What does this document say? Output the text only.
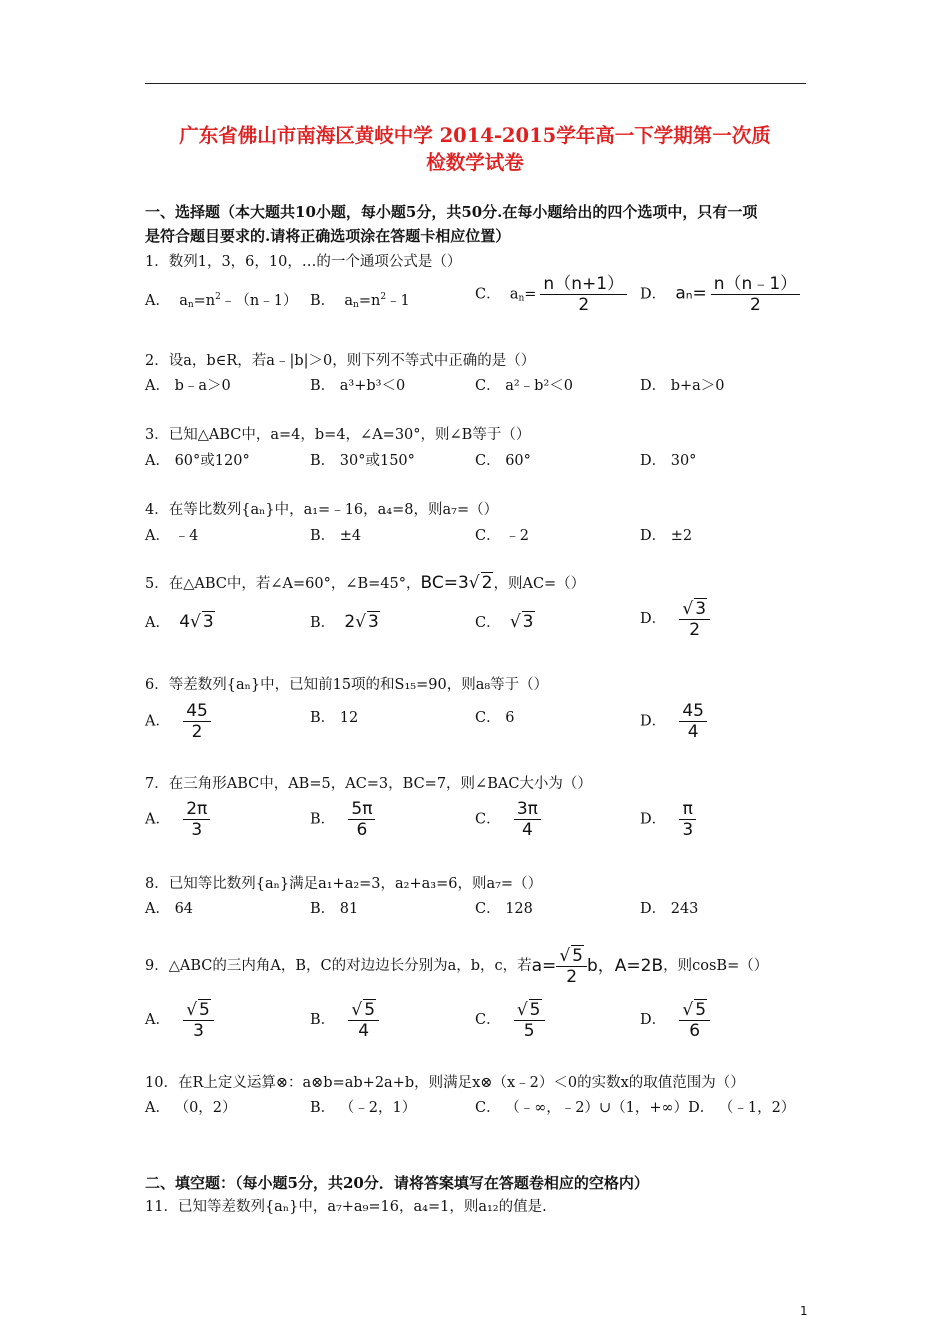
广东省佛山市南海区黄岐中学 2014-2015学年高一下学期第一次质
检数学试卷
一、选择题（本大题共10小题，每小题5分，共50分.在每小题给出的四个选项中，只有一项
是符合题目要求的.请将正确选项涂在答题卡相应位置）
1．数列1，3，6，10，…的一个通项公式是（）
A．  $a_n=n^2﹣(n﹣1)$ B．  $a_n=n^2﹣1$	C．  $a_n= \frac{n(n+1)}{2}$ D．  $a_n= \frac{n(n﹣1)}{2}$
2．设a，b∈R，若a﹣|b|＞0，则下列不等式中正确的是（）
A． b﹣a＞0	B． a³+b³＜0	C． a²﹣b²＜0	D． b+a＞0
3．已知△ABC中，a=4，b=4，∠A=30°，则∠B等于（）
A． 60°或120°	B． 30°或150°	C． 60°	D． 30°
4．在等比数列{aₙ}中，a₁=﹣16，a₄=8，则a₇=（）
A． ﹣4	B． ±4	C． ﹣2	D． ±2
5．在△ABC中，若∠A=60°，∠B=45°，BC=3√ 2，则AC=（）
A．  4√ 3	B．  2√ 3	C．  √ 3	D． $\frac{√ 3}{2}$
6．等差数列{aₙ}中，已知前15项的和S₁₅=90，则a₈等于（）
A． $\frac{45}{2}$	B． 12	C． 6	D． $\frac{45}{4}$
7．在三角形ABC中，AB=5，AC=3，BC=7，则∠BAC大小为（）
A． $\frac{2\pi}{3}$	B． $\frac{5\pi}{6}$	C． $\frac{3\pi}{4}$	D． $\frac{\pi}{3}$
8．已知等比数列{aₙ}满足a₁+a₂=3，a₂+a₃=6，则a₇=（）
A． 64	B． 81	C． 128	D． 243
9．△ABC的三内角A，B，C的对边边长分别为a，b，c，若 $a= \frac{√ 5}{2}$ b，A=2B ，则cosB=（）
A． $\frac{√ 5}{3}$	B． $\frac{√ 5}{4}$	C． $\frac{√ 5}{5}$	D． $\frac{√ 5}{6}$
10．在R上定义运算⊗：a⊗b=ab+2a+b，则满足x⊗（x﹣2）＜0的实数x的取值范围为（）
A． （0，2）	B． （﹣2，1）	C． （﹣∞，﹣2）∪（1，+∞）D． （﹣1，2）
二、填空题：（每小题5分，共20分．请将答案填写在答题卷相应的空格内）
11．已知等差数列{aₙ}中，a₇+a₉=16，a₄=1，则a₁₂的值是.
1
